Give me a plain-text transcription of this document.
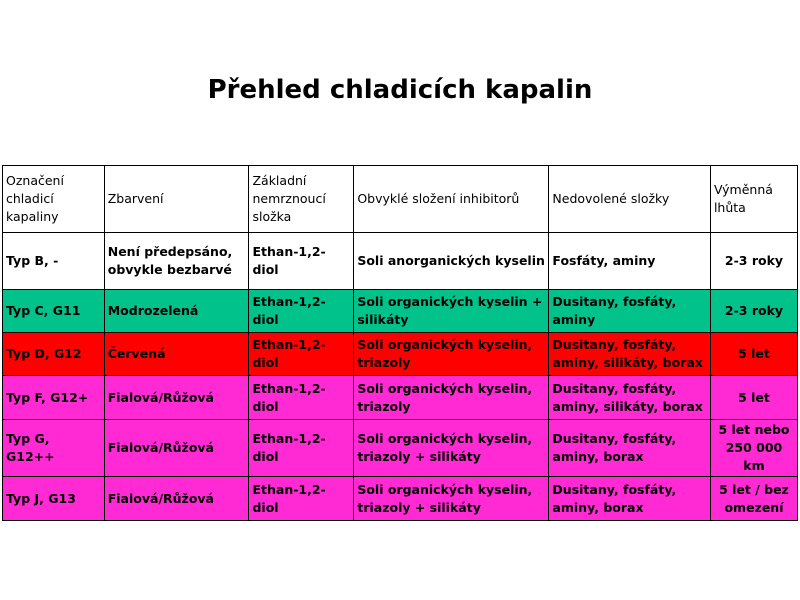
Přehled chladicích kapalin
Označení chladicí kapaliny	Zbarvení	Základní nemrznoucí složka	Obvyklé složení inhibitorů	Nedovolené složky	Výměnná lhůta
Typ B, -	Není předepsáno, obvykle bezbarvé	Ethan-1,2-diol	Soli anorganických kyselin	Fosfáty, aminy	2-3 roky
Typ C, G11	Modrozelená	Ethan-1,2-diol	Soli organických kyselin + silikáty	Dusitany, fosfáty, aminy	2-3 roky
Typ D, G12	Červená	Ethan-1,2-diol	Soli organických kyselin, triazoly	Dusitany, fosfáty, aminy, silikáty, borax	5 let
Typ F, G12+	Fialová/Růžová	Ethan-1,2-diol	Soli organických kyselin, triazoly	Dusitany, fosfáty, aminy, silikáty, borax	5 let
Typ G, G12++	Fialová/Růžová	Ethan-1,2-diol	Soli organických kyselin, triazoly + silikáty	Dusitany, fosfáty, aminy, borax	5 let nebo 250 000 km
Typ J, G13	Fialová/Růžová	Ethan-1,2-diol	Soli organických kyselin, triazoly + silikáty	Dusitany, fosfáty, aminy, borax	5 let / bez omezení
